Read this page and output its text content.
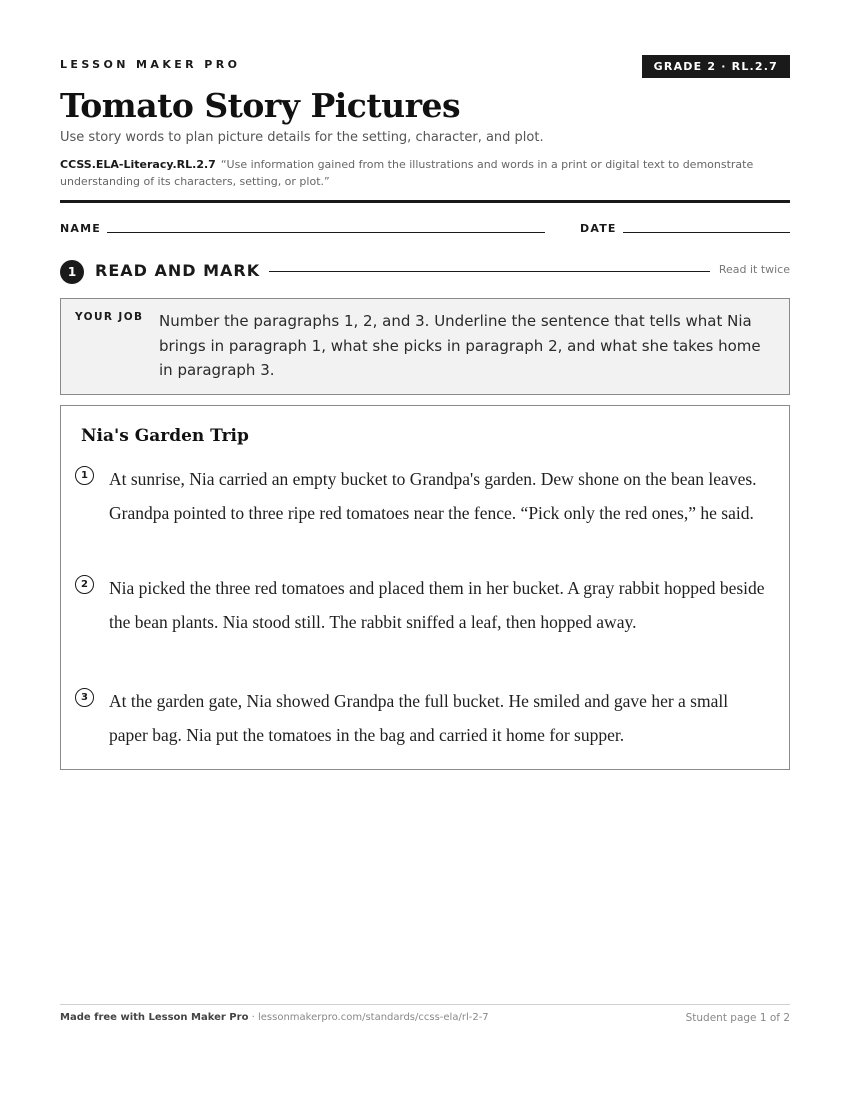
LESSON MAKER PRO	GRADE 2 · RL.2.7
Tomato Story Pictures
Use story words to plan picture details for the setting, character, and plot.
CCSS.ELA-Literacy.RL.2.7 “Use information gained from the illustrations and words in a print or digital text to demonstrate understanding of its characters, setting, or plot.”
NAME	DATE
1	READ AND MARK	Read it twice
YOUR JOB Number the paragraphs 1, 2, and 3. Underline the sentence that tells what Nia brings in paragraph 1, what she picks in paragraph 2, and what she takes home in paragraph 3.
Nia's Garden Trip
1	At sunrise, Nia carried an empty bucket to Grandpa's garden. Dew shone on the bean leaves. Grandpa pointed to three ripe red tomatoes near the fence. “Pick only the red ones,” he said.
2	Nia picked the three red tomatoes and placed them in her bucket. A gray rabbit hopped beside the bean plants. Nia stood still. The rabbit sniffed a leaf, then hopped away.
3	At the garden gate, Nia showed Grandpa the full bucket. He smiled and gave her a small paper bag. Nia put the tomatoes in the bag and carried it home for supper.
Made free with Lesson Maker Pro · lessonmakerpro.com/standards/ccss-ela/rl-2-7	Student page 1 of 2
